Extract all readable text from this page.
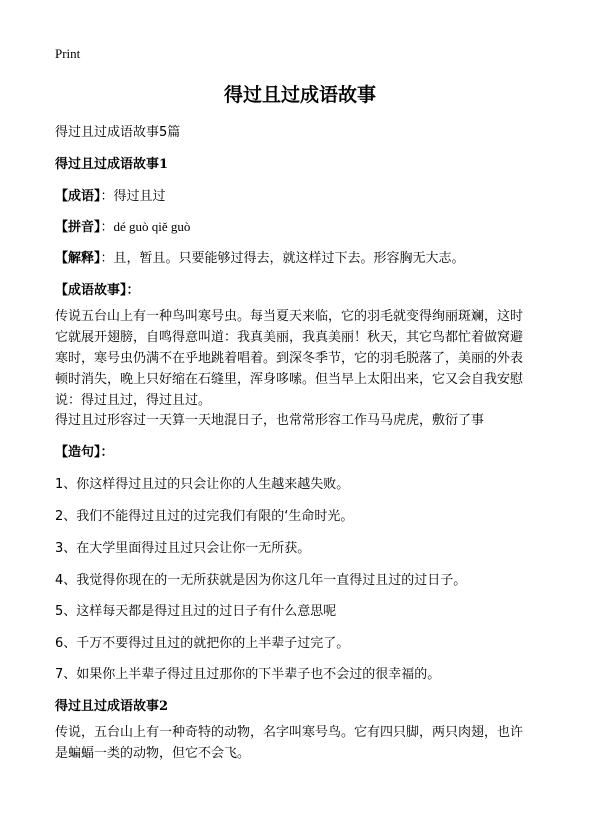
Print
得过且过成语故事
得过且过成语故事5篇
得过且过成语故事1
【成语】：得过且过
【拼音】：dé guò qiě guò
【解释】：且，暂且。只要能够过得去，就这样过下去。形容胸无大志。
【成语故事】：

传说五台山上有一种鸟叫寒号虫。每当夏天来临，它的羽毛就变得绚丽斑斓，这时

它就展开翅膀，自鸣得意叫道：我真美丽，我真美丽！秋天，其它鸟都忙着做窝避

寒时，寒号虫仍满不在乎地跳着唱着。到深冬季节，它的羽毛脱落了，美丽的外表

顿时消失，晚上只好缩在石缝里，浑身哆嗦。但当早上太阳出来，它又会自我安慰

说：得过且过，得过且过。

得过且过形容过一天算一天地混日子，也常常形容工作马马虎虎，敷衍了事
【造句】：
1、你这样得过且过的只会让你的人生越来越失败。
2、我们不能得过且过的过完我们有限的‘生命时光。
3、在大学里面得过且过只会让你一无所获。
4、我觉得你现在的一无所获就是因为你这几年一直得过且过的过日子。
5、这样每天都是得过且过的过日子有什么意思呢
6、千万不要得过且过的就把你的上半辈子过完了。
7、如果你上半辈子得过且过那你的下半辈子也不会过的很幸福的。
得过且过成语故事2

传说，五台山上有一种奇特的动物，名字叫寒号鸟。它有四只脚，两只肉翅，也许

是蝙蝠一类的动物，但它不会飞。
